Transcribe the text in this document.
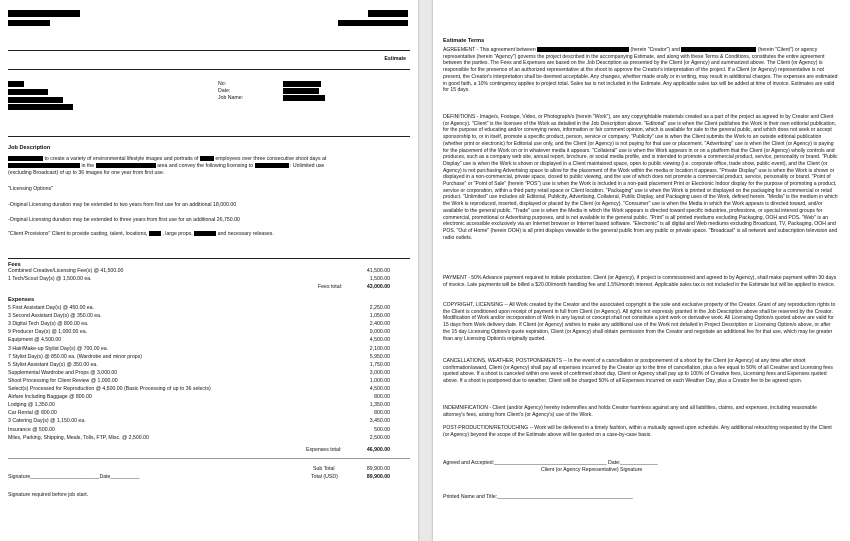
Estimate
No:
Date:
Job Name:
Job Description
to create a variety of environmental lifestyle images and portraits of	employees over three consecutive shoot days at
in the	area and convey the following licensing to	: Unlimited use
(excluding Broadcast) of up to 36 images for one year from first use.
"Licensing Options"
-Original Licensing duration may be extended to two years from first use for an additional 18,000.00
-Original Licensing duration may be extended to three years from first use for an additional 26,750.00
"Client Provisions" Client to provide casting, talent, locations,	, large props,	and necessary releases.
Fees
Combined Creative/Licensing Fee(s) @ 41,500.00	41,500.00
1 Tech/Scout Day(s) @ 1,500.00 ea.	1,500.00
Fees total:	43,000.00
Expenses
5 First Assistant Day(s) @ 450.00 ea.	2,250.00
3 Second Assistant Day(s) @ 350.00 ea.	1,050.00
3 Digital Tech Day(s) @ 800.00 ea.	2,400.00
9 Producer Day(s) @ 1,000.00 ea.	9,000.00
Equipment @ 4,500.00	4,500.00
3 Hair/Make-up Stylist Day(s) @ 700.00 ea.	2,100.00
7 Stylist Day(s) @ 850.00 ea. (Wardrobe and minor props)	5,950.00
5 Stylist Assistant Day(s) @ 350.00 ea.	1,750.00
Supplemental Wardrobe and Props @ 3,000.00	3,000.00
Shoot Processing for Client Review @ 1,000.00	1,000.00
Select(s) Processed for Reproduction @ 4,500.00 (Basic Processing of up to 36 selects)	4,500.00
Airfare Including Baggage @ 800.00	800.00
Lodging @ 1,350.00	1,350.00
Car Rental @ 800.00	800.00
3 Catering Day(s) @ 1,150.00 ea.	3,450.00
Insurance @ 500.00	500.00
Miles, Parking, Shipping, Meals, Tolls, FTP, Misc. @ 2,500.00	2,500.00
Expenses total:	46,900.00
Sub Total	89,900.00
Total (USD)	89,900.00
Signature________________________Date__________
Signature required before job start.
Estimate Terms
AGREEMENT - This agreement between	(herein "Creator") and	(herein "Client") or agency representative (herein "Agency") governs the project described in the accompanying Estimate, and along with these Terms & Conditions, constitutes the entire agreement between the parties. The Fees and Expenses are based on the Job Description as presented by the Client (or Agency) and summarized above. The Client (or Agency) is responsible for the presence of an authorized representative at the shoot to approve the Creator's interpretation of the project. If a Client (or Agency) representative is not present, the Creator's interpretation shall be deemed acceptable. Any changes, whether made orally or in writing, may result in additional charges. The expenses are estimated in good faith, a 10% contingency applies to project total. Sales tax is not included in the Estimate. Any applicable sales tax will be added at time of invoice. Estimates are valid for 15 days.
DEFINITIONS - Image/s, Footage, Video, or Photograph/s (herein "Work"), are any copyrightable materials created as a part of the project as agreed to by Creator and Client (or Agency). "Client" is the licensee of the Work as detailed in the Job Description above. "Editorial" use is when the Client publishes the Work in their own editorial publication, for the purpose of educating and/or conveying news, information or fair comment opinion, which is available for sale to the general public, and which does not seek or accept sponsorship to, or in itself, promote a specific product, person, service or company. "Publicity" use is when the Client submits the Work to an outside editorial publication (whether print or electronic) for Editorial use only, and the Client (or Agency) is not paying for that use or placement. "Advertising" use is when the Client (or Agency) is paying for the placement of the Work on or in whatever media it appears. "Collateral" use is when the Work appears in or on a platform that the Client (or Agency) wholly controls and produces, such as a company web site, annual report, brochure, or social media profile, and is intended to promote a commercial product, service, personality or brand. "Public Display" use is when the Work is shown or displayed in a Client maintained space, open to public viewing (i.e. corporate office, trade show, public event), and the Client (or Agency) is not purchasing Advertising space to allow for the placement of the Work within the media or location it appears. "Private Display" use is when the Work is shown or displayed in a non-commercial, private space, closed to public viewing, and the use of which does not promote a commercial product, service, personality or brand. "Point of Purchase" or "Point of Sale" (herein "POS") use is when the Work is included in a non-paid placement Print or Electronic Indoor display for the purpose of promoting a product, service or corporation, within a third party retail space or Client location. "Packaging" use is when the Work is printed or displayed on the packaging for a commercial or retail product. "Unlimited" use includes all: Editorial, Publicity, Advertising, Collateral, Public Display, and Packaging uses of the Work, defined herein. "Media" is the medium in which the Work is reproduced, inserted, displayed or placed by the Client (or Agency). "Consumer" use is when the Media in which the Work appears is directed toward, and/or available to the general public. "Trade" use is when the Media in which the Work appears is directed toward specific industries, professions, or special interest groups for commercial, promotional or Advertising purposes, and is not available to the general public. "Print" is all printed mediums excluding Packaging, OOH and POS. "Web" is an electronic accessible exclusively via an Internet browser or Internet based software. "Electronic" is all digital and Web mediums excluding Broadcast, TV, Packaging, OOH and POS. "Out of Home" (herein OOH) is all print displays viewable to the general public from any public or private space. "Broadcast" is all network and subscription television and radio outlets.
PAYMENT - 50% Advance payment required to initiate production. Client (or Agency), if project is commissioned and agreed to by Agency), shall make payment within 30 days of invoice. Late payments will be billed a $20.00/month handling fee and 1.5%/month interest. Applicable sales tax is not included in the Estimate but will be applied to invoice.
COPYRIGHT, LICENSING -- All Work created by the Creator and the associated copyright is the sole and exclusive property of the Creator. Grant of any reproduction rights to the Client is conditioned upon receipt of payment in full from Client (or Agency). All rights not expressly granted in the Job Description above shall be reserved by the Creator. Modification of Work and/or incorporation of Work in any layout or concept shall not constitute a joint work or derivative work. All Licensing Option/s quoted above are valid for 15 days from Work delivery date. If Client (or Agency) wishes to make any additional use of the Work not detailed in Project Description or Licensing Option/s above, or after the 15 day Licensing Option/s quote expiration, Client (or Agency) shall obtain permission from the Creator and negotiate an additional fee for that use, which may be greater than any Licensing Option/s originally quoted.
CANCELLATIONS, WEATHER, POSTPONEMENTS -- In the event of a cancellation or postponement of a shoot by the Client (or Agency) at any time after shoot confirmation/award, Client (or Agency) shall pay all expenses incurred by the Creator up to the time of cancellation, plus a fee equal to 50% of all Creative and Licensing fees quoted above. If a shoot is canceled within one week of confirmed shoot day, Client or Agency shall pay up to 100% of Creative fees, Licensing fees and Expenses quoted above. If a shoot is postponed due to weather, Client will be charged 50% of all Expenses incurred on each Weather Day, plus a Creator fee to be agreed upon.
INDEMNIFICATION - Client (and/or Agency) hereby indemnifies and holds Creator harmless against any and all liabilities, claims, and expenses, including reasonable attorney's fees, arising from Client's (or Agency's) use of the Work.
POST-PRODUCTION/RETOUCHING -- Work will be delivered in a timely fashion, within a mutually agreed upon schedule. Any additional retouching requested by the Client (or Agency) beyond the scope of the Estimate above will be quoted on a case-by-case basis.
Agreed and Accepted:_______________________________________ Date:_____________
Client (or Agency Representative) Signature
Printed Name and Title:_______________________________________________
